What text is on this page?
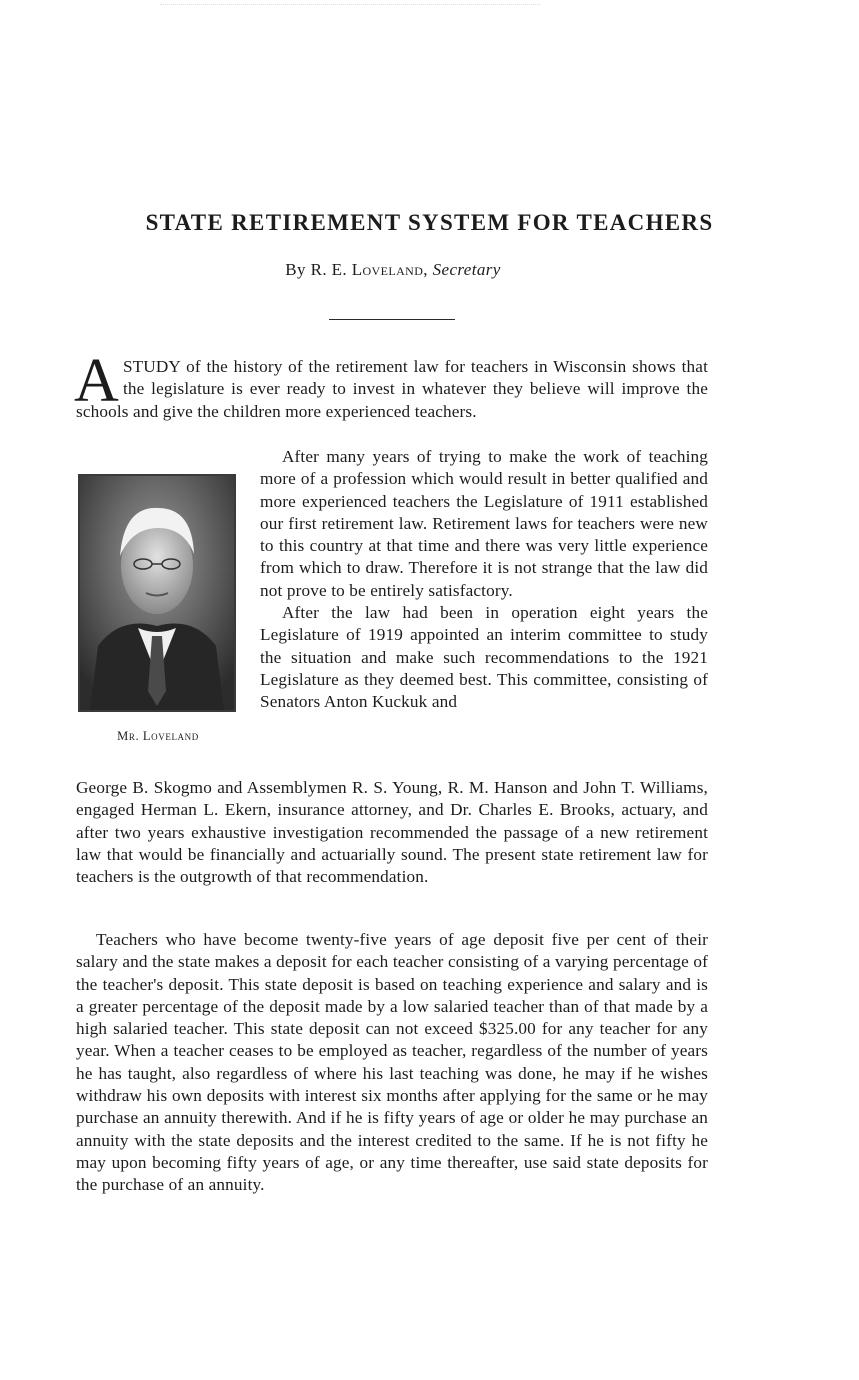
STATE RETIREMENT SYSTEM FOR TEACHERS
By R. E. Loveland, Secretary

A STUDY of the history of the retirement law for teachers in Wisconsin shows that the legislature is ever ready to invest in whatever they believe will improve the schools and give the children more experienced teachers.

Mr. Loveland

After many years of trying to make the work of teaching more of a profession which would result in better qualified and more experienced teachers the Legislature of 1911 established our first retirement law. Retirement laws for teachers were new to this country at that time and there was very little experience from which to draw. Therefore it is not strange that the law did not prove to be entirely satisfactory.

After the law had been in operation eight years the Legislature of 1919 appointed an interim committee to study the situation and make such recommendations to the 1921 Legislature as they deemed best. This committee, consisting of Senators Anton Kuckuk and

George B. Skogmo and Assemblymen R. S. Young, R. M. Hanson and John T. Williams, engaged Herman L. Ekern, insurance attorney, and Dr. Charles E. Brooks, actuary, and after two years exhaustive investigation recommended the passage of a new retirement law that would be financially and actuarially sound. The present state retirement law for teachers is the outgrowth of that recommendation.

Teachers who have become twenty-five years of age deposit five per cent of their salary and the state makes a deposit for each teacher consisting of a varying percentage of the teacher's deposit. This state deposit is based on teaching experience and salary and is a greater percentage of the deposit made by a low salaried teacher than of that made by a high salaried teacher. This state deposit can not exceed $325.00 for any teacher for any year. When a teacher ceases to be employed as teacher, regardless of the number of years he has taught, also regardless of where his last teaching was done, he may if he wishes withdraw his own deposits with interest six months after applying for the same or he may purchase an annuity therewith. And if he is fifty years of age or older he may purchase an annuity with the state deposits and the interest credited to the same. If he is not fifty he may upon becoming fifty years of age, or any time thereafter, use said state deposits for the purchase of an annuity.
